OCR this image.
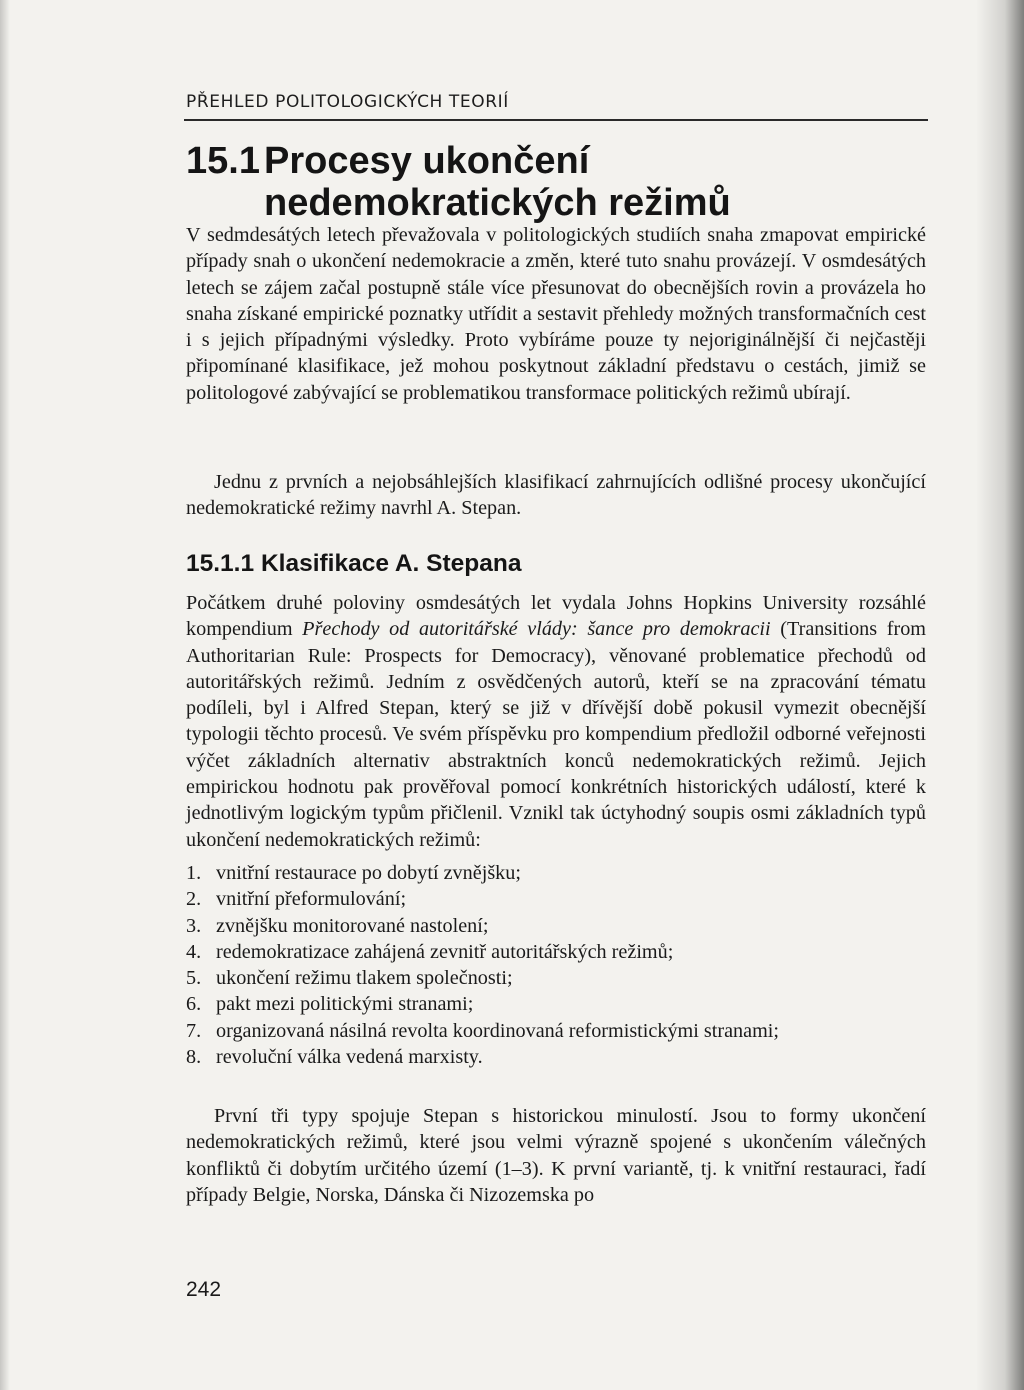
PŘEHLED POLITOLOGICKÝCH TEORIÍ
15.1 Procesy ukončení
nedemokratických režimů

V sedmdesátých letech převažovala v politologických studiích snaha zmapovat empirické případy snah o ukončení nedemokracie a změn, které tuto snahu provázejí. V osmdesátých letech se zájem začal postupně stále více přesunovat do obecnějších rovin a provázela ho snaha získané empirické poznatky utřídit a sestavit přehledy možných transformačních cest i s jejich případnými výsledky. Proto vybíráme pouze ty nejoriginálnější či nejčastěji připomínané klasifikace, jež mohou poskytnout základní představu o cestách, jimiž se politologové zabývající se problematikou transformace politických režimů ubírají.

Jednu z prvních a nejobsáhlejších klasifikací zahrnujících odlišné procesy ukončující nedemokratické režimy navrhl A. Stepan.

15.1.1 Klasifikace A. Stepana

Počátkem druhé poloviny osmdesátých let vydala Johns Hopkins University rozsáhlé kompendium Přechody od autoritářské vlády: šance pro demokracii (Transitions from Authoritarian Rule: Prospects for Democracy), věnované problematice přechodů od autoritářských režimů. Jedním z osvědčených autorů, kteří se na zpracování tématu podíleli, byl i Alfred Stepan, který se již v dřívější době pokusil vymezit obecnější typologii těchto procesů. Ve svém příspěvku pro kompendium předložil odborné veřejnosti výčet základních alternativ abstraktních konců nedemokratických režimů. Jejich empirickou hodnotu pak prověřoval pomocí konkrétních historických událostí, které k jednotlivým logickým typům přičlenil. Vznikl tak úctyhodný soupis osmi základních typů ukončení nedemokratických režimů:

1. vnitřní restaurace po dobytí zvnějšku;
2. vnitřní přeformulování;
3. zvnějšku monitorované nastolení;
4. redemokratizace zahájená zevnitř autoritářských režimů;
5. ukončení režimu tlakem společnosti;
6. pakt mezi politickými stranami;
7. organizovaná násilná revolta koordinovaná reformistickými stranami;
8. revoluční válka vedená marxisty.

První tři typy spojuje Stepan s historickou minulostí. Jsou to formy ukončení nedemokratických režimů, které jsou velmi výrazně spojené s ukončením válečných konfliktů či dobytím určitého území (1–3). K první variantě, tj. k vnitřní restauraci, řadí případy Belgie, Norska, Dánska či Nizozemska po

242
